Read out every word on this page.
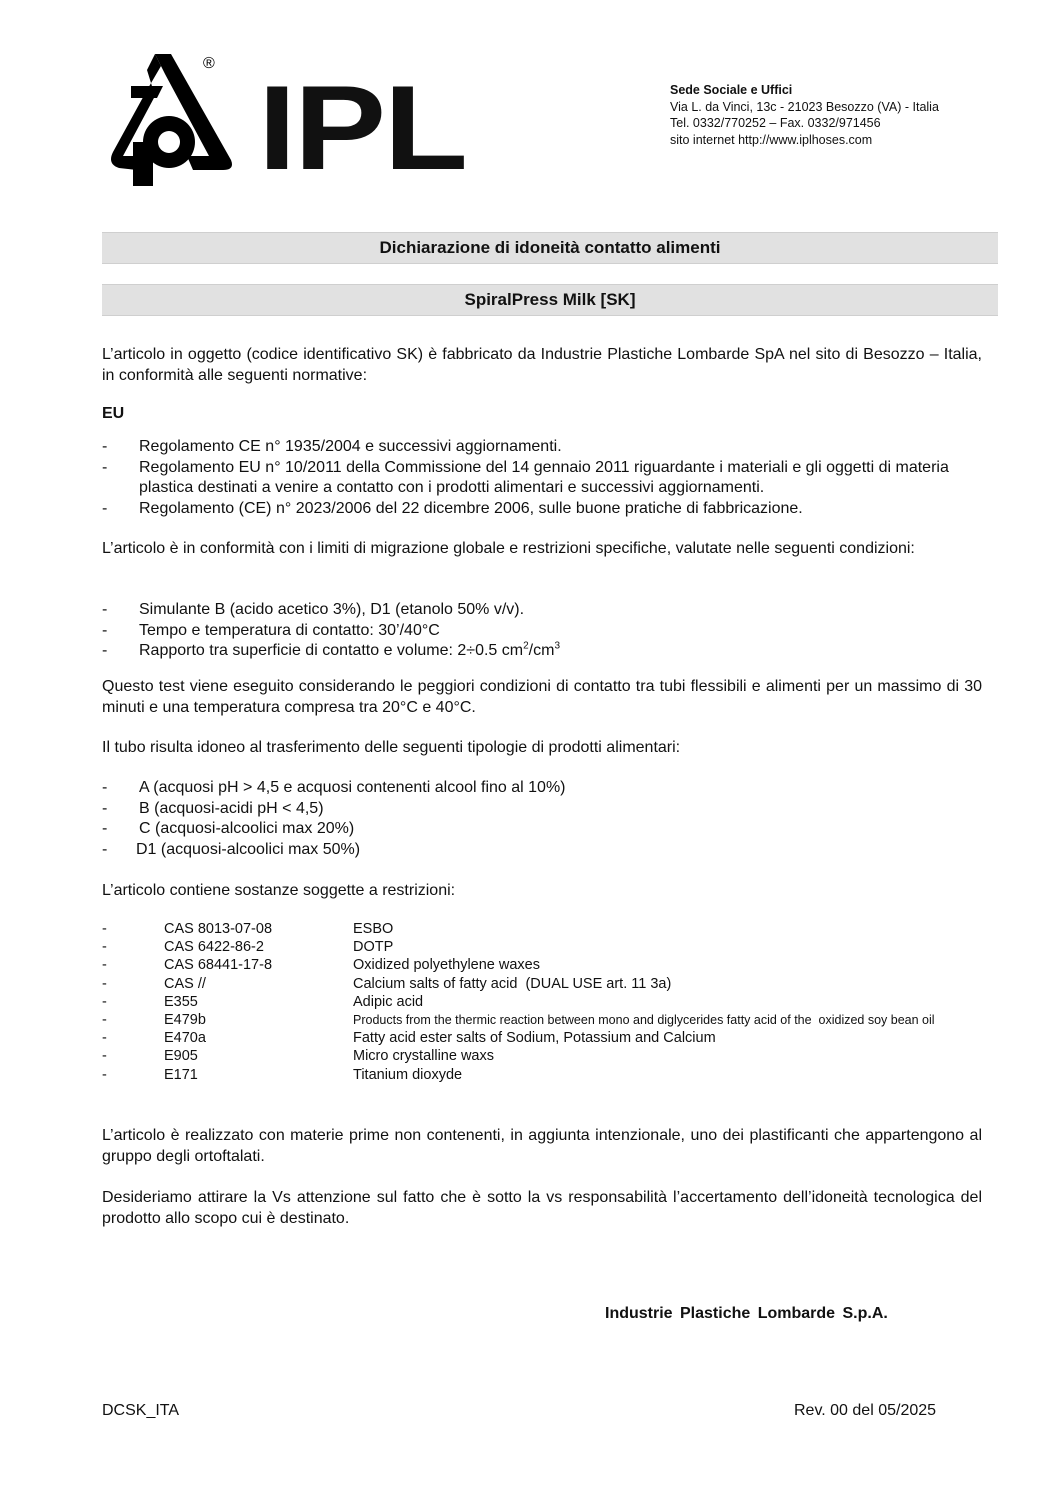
® IPL	Sede Sociale e Uffici
Via L. da Vinci, 13c - 21023 Besozzo (VA) - Italia
Tel. 0332/770252 – Fax. 0332/971456
sito internet http://www.iplhoses.com
Dichiarazione di idoneità contatto alimenti
SpiralPress Milk [SK]
L’articolo in oggetto (codice identificativo SK) è fabbricato da Industrie Plastiche Lombarde SpA nel sito di Besozzo – Italia, in conformità alle seguenti normative:
EU
-	Regolamento CE n° 1935/2004 e successivi aggiornamenti.
-	Regolamento EU n° 10/2011 della Commissione del 14 gennaio 2011 riguardante i materiali e gli oggetti di materia plastica destinati a venire a contatto con i prodotti alimentari e successivi aggiornamenti.
-	Regolamento (CE) n° 2023/2006 del 22 dicembre 2006, sulle buone pratiche di fabbricazione.
L’articolo è in conformità con i limiti di migrazione globale e restrizioni specifiche, valutate nelle seguenti condizioni:
-	Simulante B (acido acetico 3%), D1 (etanolo 50% v/v).
-	Tempo e temperatura di contatto: 30’/40°C
-	Rapporto tra superficie di contatto e volume: 2÷0.5 $cm^2/cm^3$
Questo test viene eseguito considerando le peggiori condizioni di contatto tra tubi flessibili e alimenti per un massimo di 30 minuti e una temperatura compresa tra 20°C e 40°C.
Il tubo risulta idoneo al trasferimento delle seguenti tipologie di prodotti alimentari:
-	A (acquosi pH > 4,5 e acquosi contenenti alcool fino al 10%)
-	B (acquosi-acidi pH < 4,5)
-	C (acquosi-alcoolici max 20%)
-	D1 (acquosi-alcoolici max 50%)
L’articolo contiene sostanze soggette a restrizioni:
-	CAS 8013-07-08	ESBO
-	CAS 6422-86-2	DOTP
-	CAS 68441-17-8	Oxidized polyethylene waxes
-	CAS //	Calcium salts of fatty acid  (DUAL USE art. 11 3a)
-	E355	Adipic acid
-	E479b	Products from the thermic reaction between mono and diglycerides fatty acid of the  oxidized soy bean oil
-	E470a	Fatty acid ester salts of Sodium, Potassium and Calcium
-	E905	Micro crystalline waxs
-	E171	Titanium dioxyde
L’articolo è realizzato con materie prime non contenenti, in aggiunta intenzionale, uno dei plastificanti che appartengono al gruppo degli ortoftalati.
Desideriamo attirare la Vs attenzione sul fatto che è sotto la vs responsabilità l’accertamento dell’idoneità tecnologica del prodotto allo scopo cui è destinato.
Industrie Plastiche Lombarde S.p.A.
DCSK_ITA	Rev. 00 del 05/2025
